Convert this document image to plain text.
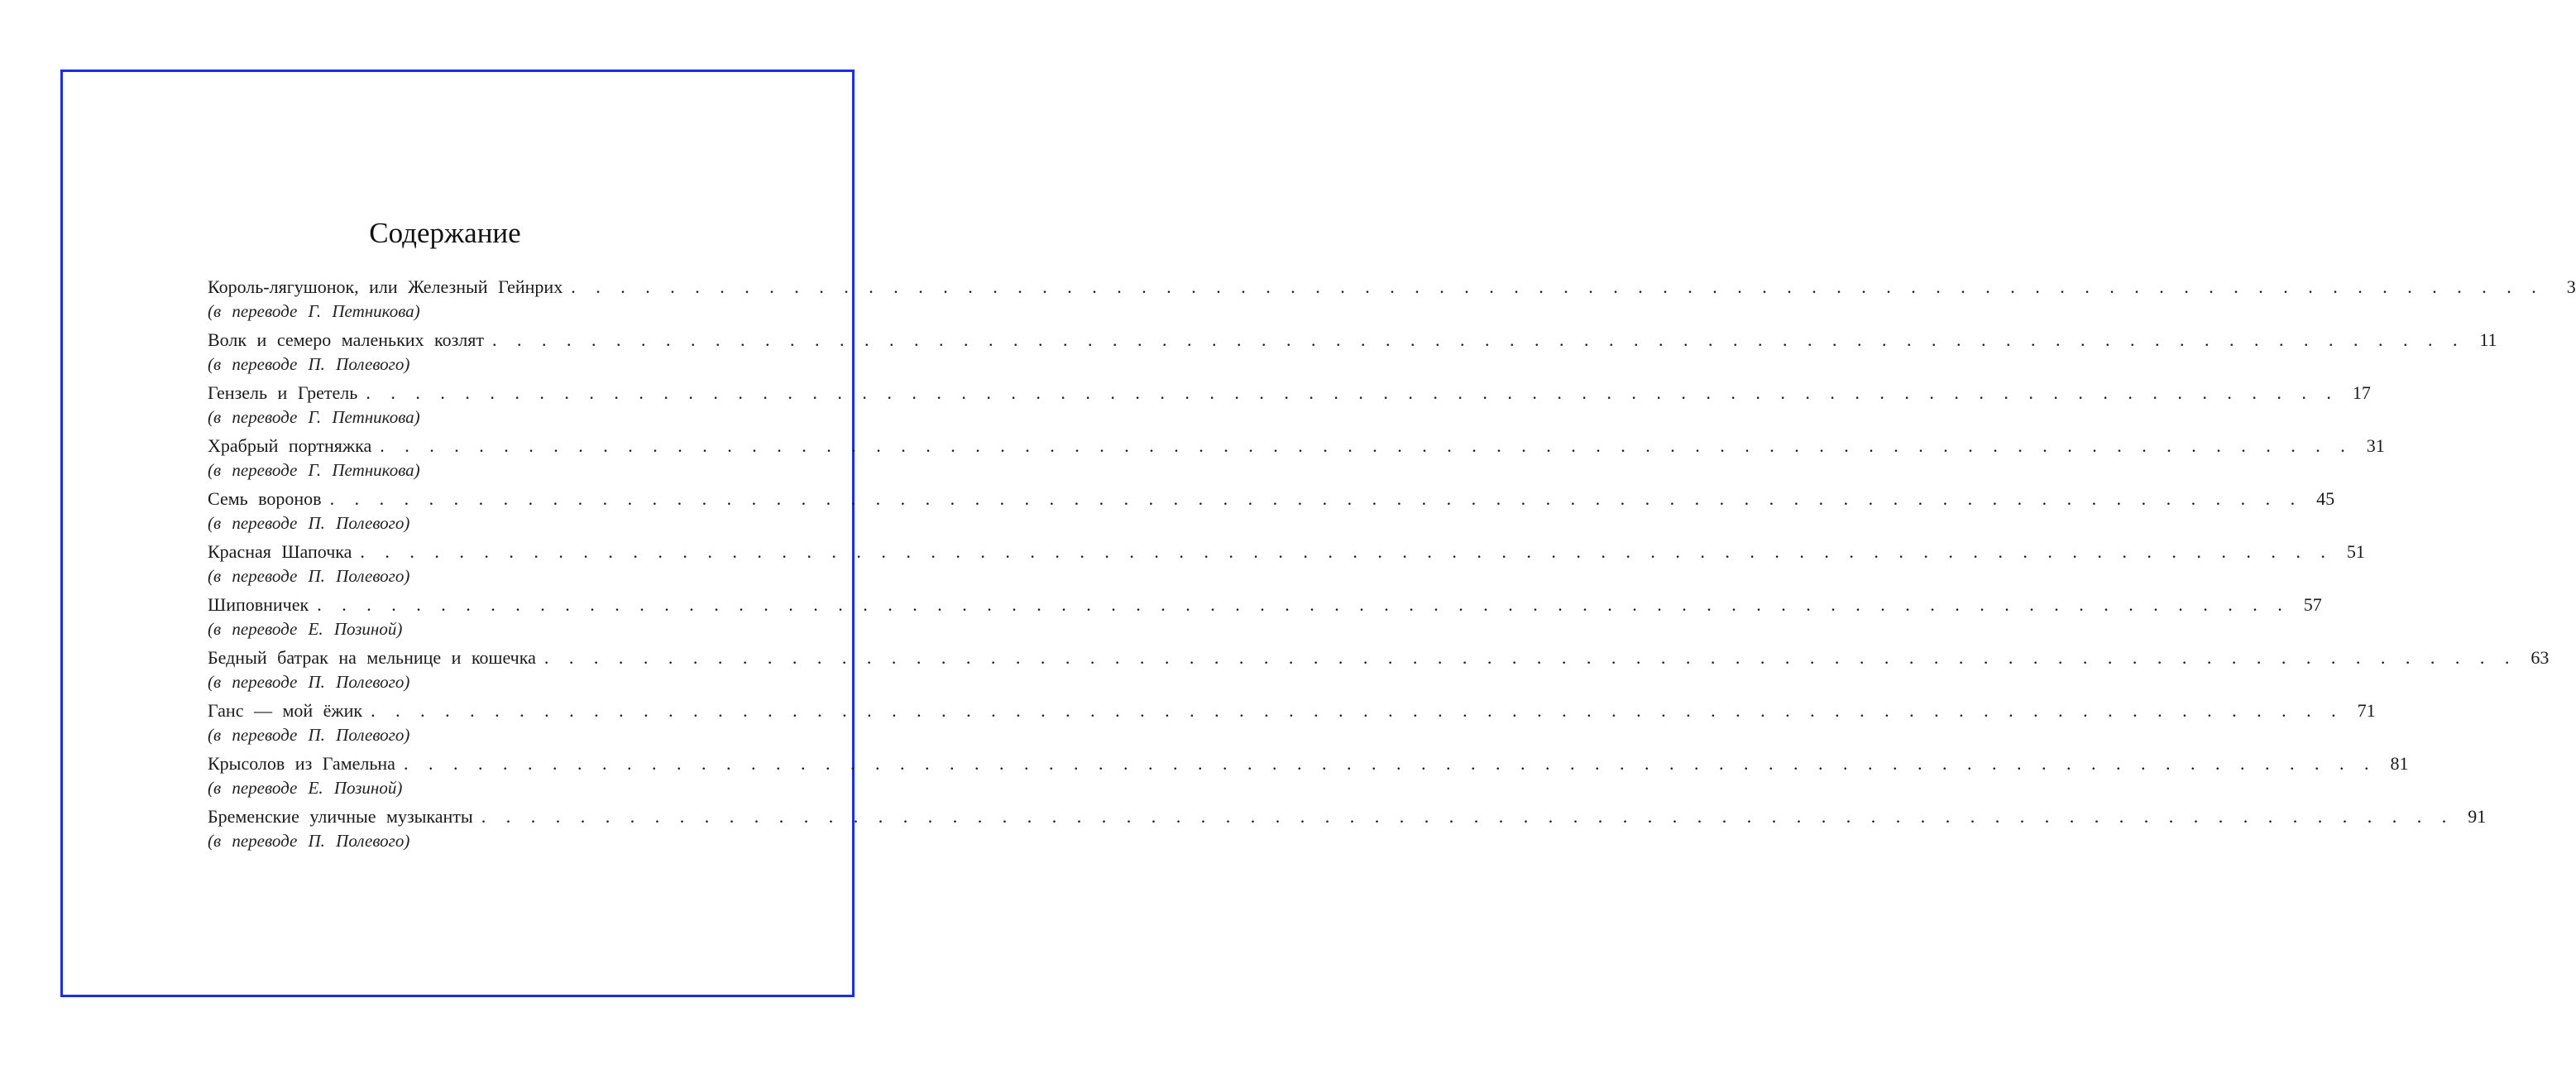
Содержание
Король-лягушонок, или Железный Гейнрих . . . . . . . . . . . . . . . . . . . . . . . . . . . . . . . . . . . . . . . . . . . . . . . . . . . . . . . . . . . . . . . . . . . . . . . . . . . . . . . .	3
(в переводе Г. Петникова)
Волк и семеро маленьких козлят . . . . . . . . . . . . . . . . . . . . . . . . . . . . . . . . . . . . . . . . . . . . . . . . . . . . . . . . . . . . . . . . . . . . . . . . . . . . . . . . 11
(в переводе П. Полевого)
Гензель и Гретель . . . . . . . . . . . . . . . . . . . . . . . . . . . . . . . . . . . . . . . . . . . . . . . . . . . . . . . . . . . . . . . . . . . . . . . . . . . . . . . . 17
(в переводе Г. Петникова)
Храбрый портняжка . . . . . . . . . . . . . . . . . . . . . . . . . . . . . . . . . . . . . . . . . . . . . . . . . . . . . . . . . . . . . . . . . . . . . . . . . . . . . . . . 31
(в переводе Г. Петникова)
Семь воронов . . . . . . . . . . . . . . . . . . . . . . . . . . . . . . . . . . . . . . . . . . . . . . . . . . . . . . . . . . . . . . . . . . . . . . . . . . . . . . . . 45
(в переводе П. Полевого)
Красная Шапочка . . . . . . . . . . . . . . . . . . . . . . . . . . . . . . . . . . . . . . . . . . . . . . . . . . . . . . . . . . . . . . . . . . . . . . . . . . . . . . . . 51
(в переводе П. Полевого)
Шиповничек . . . . . . . . . . . . . . . . . . . . . . . . . . . . . . . . . . . . . . . . . . . . . . . . . . . . . . . . . . . . . . . . . . . . . . . . . . . . . . . . 57
(в переводе Е. Позиной)
Бедный батрак на мельнице и кошечка . . . . . . . . . . . . . . . . . . . . . . . . . . . . . . . . . . . . . . . . . . . . . . . . . . . . . . . . . . . . . . . . . . . . . . . . . . . . . . . . 63
(в переводе П. Полевого)
Ганс — мой ёжик . . . . . . . . . . . . . . . . . . . . . . . . . . . . . . . . . . . . . . . . . . . . . . . . . . . . . . . . . . . . . . . . . . . . . . . . . . . . . . . . 71
(в переводе П. Полевого)
Крысолов из Гамельна . . . . . . . . . . . . . . . . . . . . . . . . . . . . . . . . . . . . . . . . . . . . . . . . . . . . . . . . . . . . . . . . . . . . . . . . . . . . . . . . 81
(в переводе Е. Позиной)
Бременские уличные музыканты . . . . . . . . . . . . . . . . . . . . . . . . . . . . . . . . . . . . . . . . . . . . . . . . . . . . . . . . . . . . . . . . . . . . . . . . . . . . . . . . 91
(в переводе П. Полевого)
